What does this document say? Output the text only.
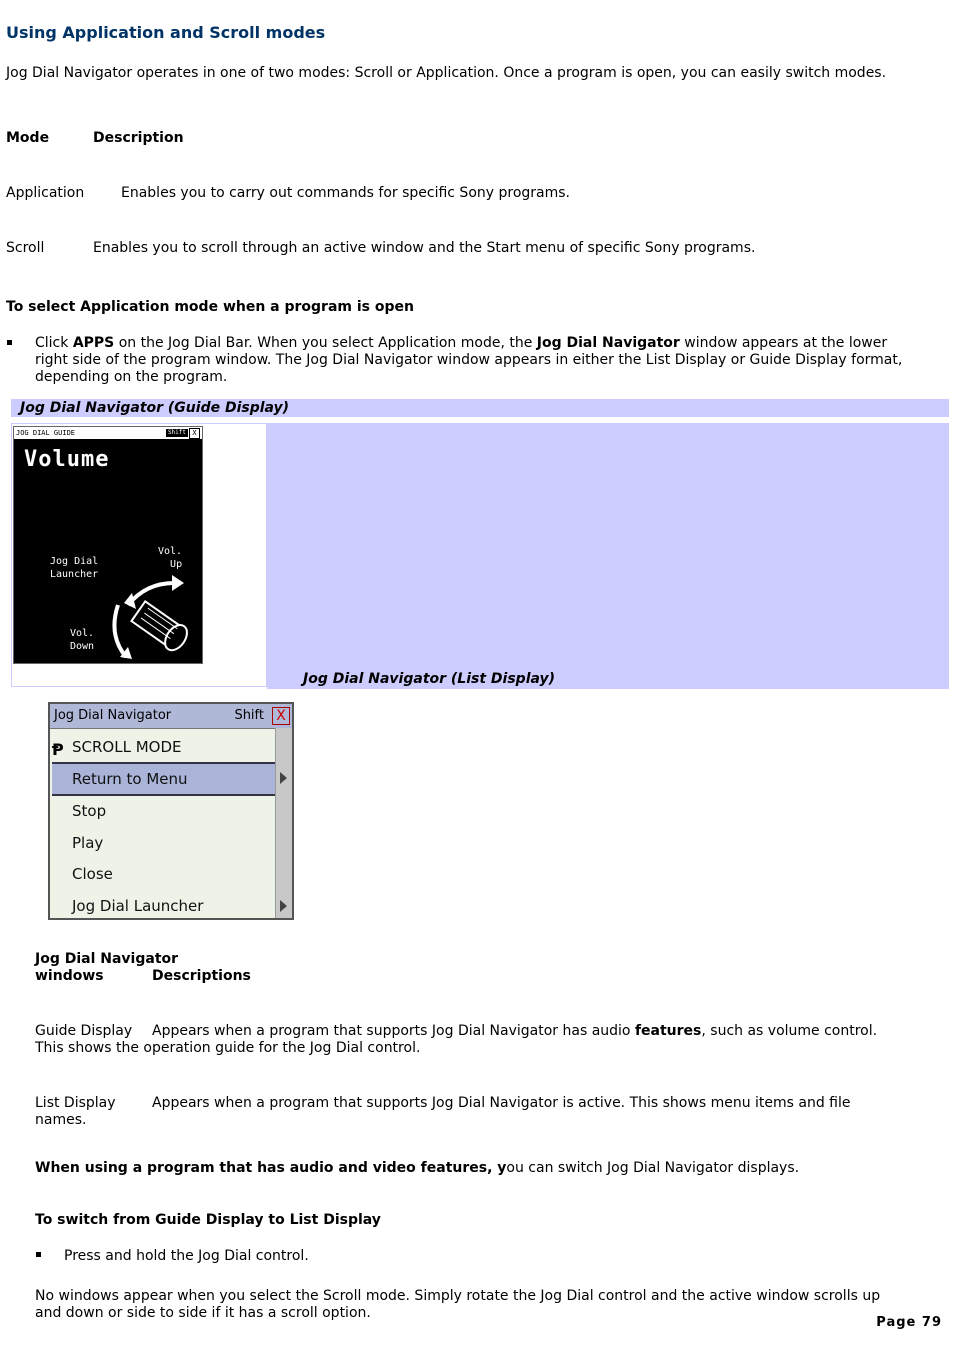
Using Application and Scroll modes
Jog Dial Navigator operates in one of two modes: Scroll or Application. Once a program is open, you can easily switch modes.
Mode	Description
Application	Enables you to carry out commands for specific Sony programs.
Scroll	Enables you to scroll through an active window and the Start menu of specific Sony programs.
To select Application mode when a program is open
Click APPS on the Jog Dial Bar. When you select Application mode, the Jog Dial Navigator window appears at the lower right side of the program window. The Jog Dial Navigator window appears in either the List Display or Guide Display format, depending on the program.
Jog Dial Navigator (Guide Display)
Jog Dial Navigator (List Display)
JOG DIAL GUIDE	Shift X
Volume
Jog Dial
Launcher
Vol.
Up
Vol.
Down
Jog Dial Navigator	Shift X
Ᵽ SCROLL MODE
Return to Menu
Stop
Play
Close
Jog Dial Launcher
Jog Dial Navigator windows	Descriptions
Guide Display Appears when a program that supports Jog Dial Navigator has audio features, such as volume control.
This shows the operation guide for the Jog Dial control.
List Display	Appears when a program that supports Jog Dial Navigator is active. This shows menu items and file
names.
When using a program that has audio and video features, you can switch Jog Dial Navigator displays.
To switch from Guide Display to List Display
Press and hold the Jog Dial control.
No windows appear when you select the Scroll mode. Simply rotate the Jog Dial control and the active window scrolls up and down or side to side if it has a scroll option.
Page 79
